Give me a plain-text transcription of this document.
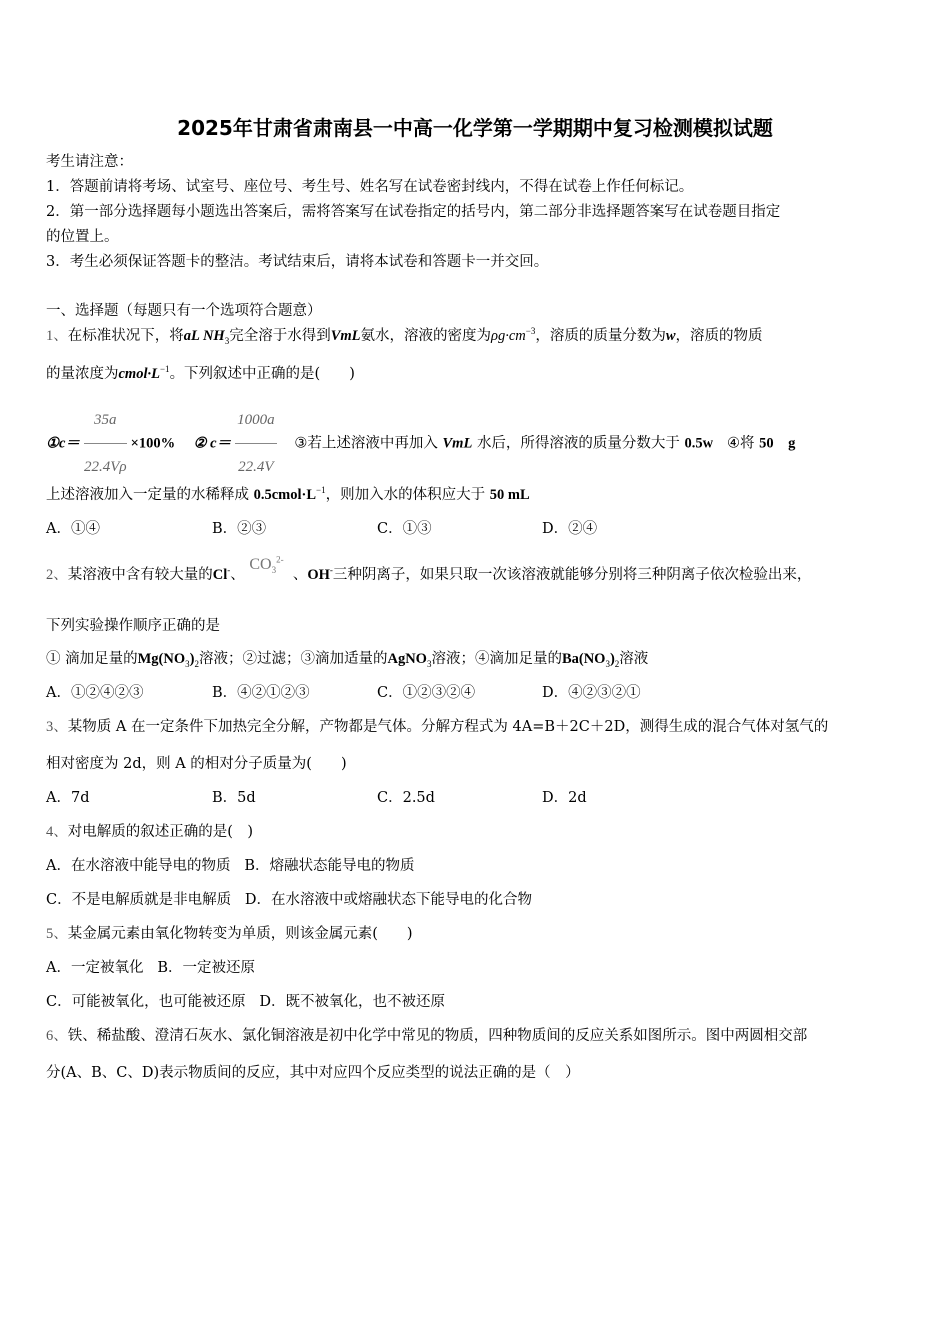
2025年甘肃省肃南县一中高一化学第一学期期中复习检测模拟试题
考生请注意：
1．答题前请将考场、试室号、座位号、考生号、姓名写在试卷密封线内，不得在试卷上作任何标记。
2．第一部分选择题每小题选出答案后，需将答案写在试卷指定的括号内，第二部分非选择题答案写在试卷题目指定
的位置上。
3．考生必须保证答题卡的整洁。考试结束后，请将本试卷和答题卡一并交回。
一、选择题（每题只有一个选项符合题意）
1、在标准状况下，将aL $NH_3$完全溶于水得到VmL氨水，溶液的密度为$\rho g\cdot cm^{-3}$，溶质的质量分数为w，溶质的物质
的量浓度为$cmol\cdot L^{-1}$。下列叙述中正确的是(　　)
①c＝ $\frac{35a}{22.4V\rho} \times 100\%$ ② $c= \frac{1000a}{22.4V}$ ③若上述溶液中再加入 VmL 水后，所得溶液的质量分数大于 0.5w ④将 50　g
上述溶液加入一定量的水稀释成 $0.5cmol\cdot L^{-1}$，则加入水的体积应大于 50 mL
A．①④	B．②③	C．①③	D．②④
2、某溶液中含有较大量的Cl-、 $CO_3^{2-}$  、OH-三种阴离子，如果只取一次该溶液就能够分别将三种阴离子依次检验出来，
下列实验操作顺序正确的是
① 滴加足量的$Mg(NO_3)_2$溶液；②过滤；③滴加适量的AgNO$_3$溶液；④滴加足量的$Ba(NO_3)_2$溶液
A．①②④②③	B．④②①②③	C．①②③②④	D．④②③②①
3、某物质 A 在一定条件下加热完全分解，产物都是气体。分解方程式为 4A=B＋2C＋2D，测得生成的混合气体对氢气的
相对密度为 2d，则 A 的相对分子质量为(　　)
A．7d	B．5d	C．2.5d	D．2d
4、对电解质的叙述正确的是(　)
A．在水溶液中能导电的物质 B．熔融状态能导电的物质
C．不是电解质就是非电解质 D．在水溶液中或熔融状态下能导电的化合物
5、某金属元素由氧化物转变为单质，则该金属元素(　　)
A．一定被氧化 B．一定被还原
C．可能被氧化，也可能被还原 D．既不被氧化，也不被还原
6、铁、稀盐酸、澄清石灰水、氯化铜溶液是初中化学中常见的物质，四种物质间的反应关系如图所示。图中两圆相交部
分(A、B、C、D)表示物质间的反应，其中对应四个反应类型的说法正确的是（　）
